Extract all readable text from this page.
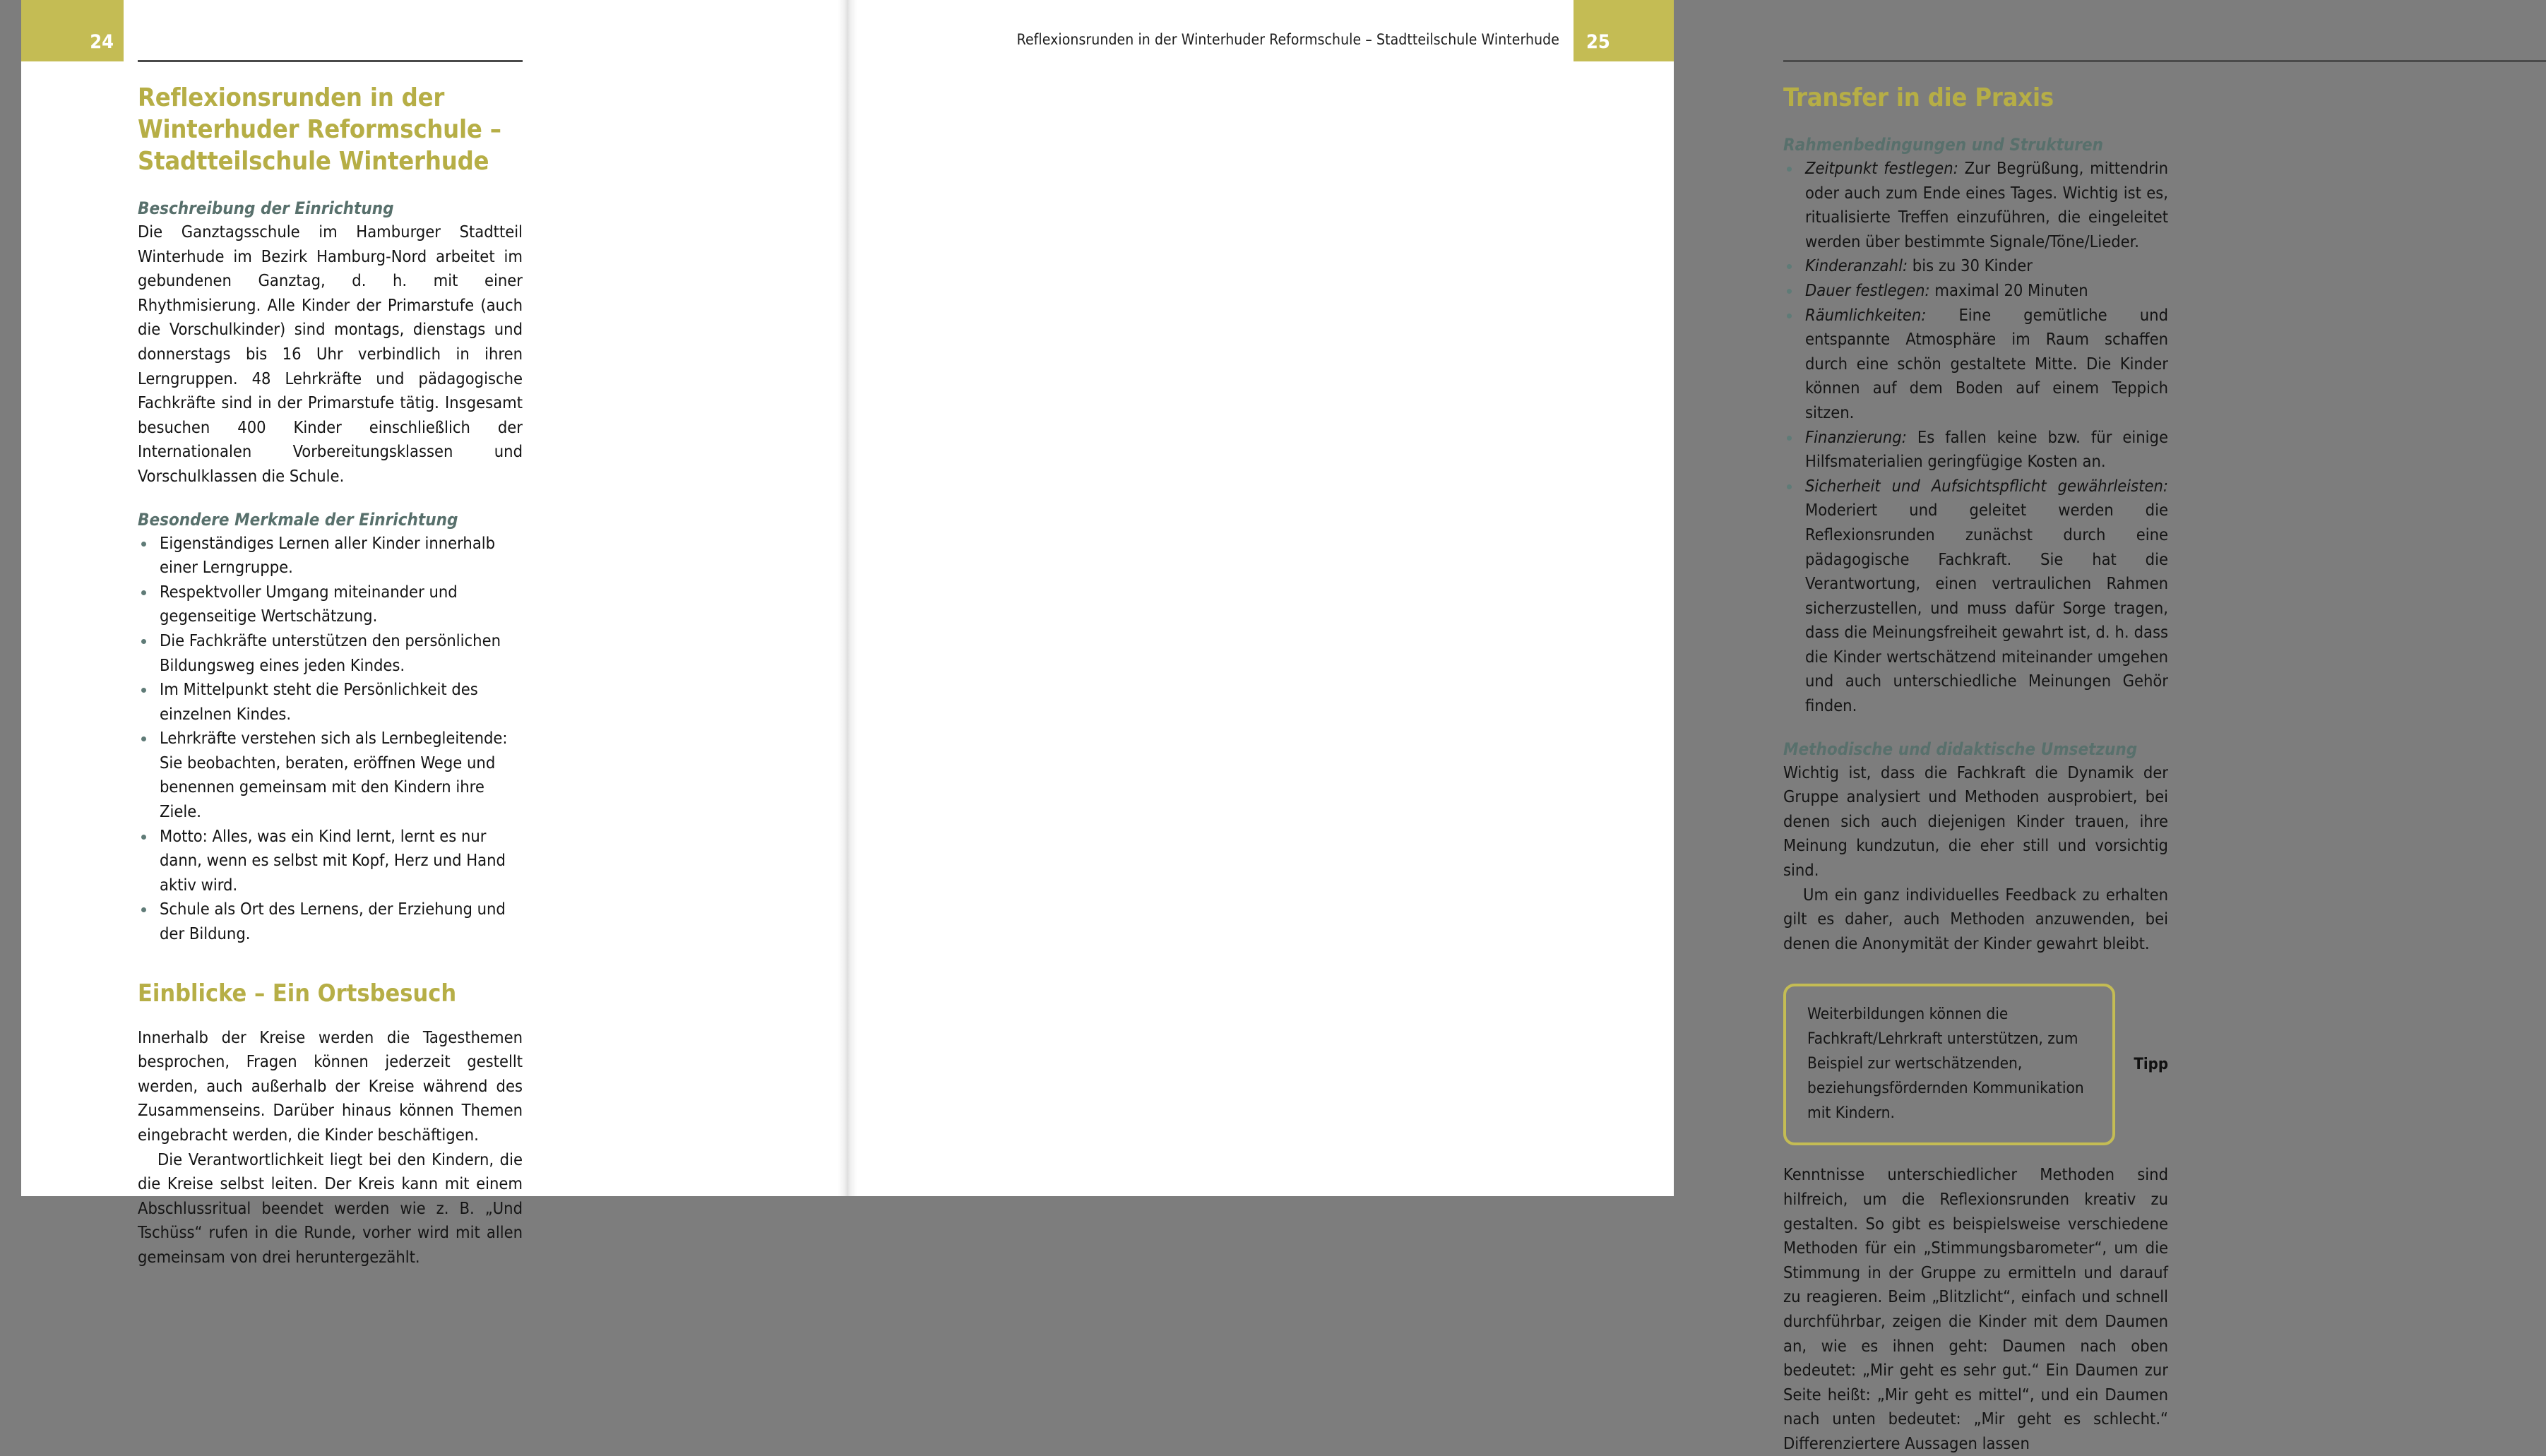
24
Reflexionsrunden in der Winterhuder Reformschule – Stadtteilschule Winterhude
Beschreibung der Einrichtung

Die Ganztagsschule im Hamburger Stadtteil Winterhude im Bezirk Hamburg-Nord arbeitet im gebundenen Ganztag, d. h. mit einer Rhythmisierung. Alle Kinder der Primarstufe (auch die Vorschulkinder) sind montags, dienstags und donnerstags bis 16 Uhr verbindlich in ihren Lerngruppen. 48 Lehrkräfte und pädagogische Fachkräfte sind in der Primarstufe tätig. Insgesamt besuchen 400 Kinder einschließlich der Internationalen Vorbereitungsklassen und Vorschulklassen die Schule.

Besondere Merkmale der Einrichtung
Eigenständiges Lernen aller Kinder innerhalb einer Lerngruppe.
Respektvoller Umgang miteinander und gegenseitige Wertschätzung.
Die Fachkräfte unterstützen den persönlichen Bildungsweg eines jeden Kindes.
Im Mittelpunkt steht die Persönlichkeit des einzelnen Kindes.
Lehrkräfte verstehen sich als Lernbegleitende: Sie beobachten, beraten, eröffnen Wege und benennen gemeinsam mit den Kindern ihre Ziele.
Motto: Alles, was ein Kind lernt, lernt es nur dann, wenn es selbst mit Kopf, Herz und Hand aktiv wird.
Schule als Ort des Lernens, der Erziehung und der Bildung.
Einblicke – Ein Ortsbesuch

Innerhalb der Kreise werden die Tagesthemen besprochen, Fragen können jederzeit gestellt werden, auch außerhalb der Kreise während des Zusammenseins. Darüber hinaus können Themen eingebracht werden, die Kinder beschäftigen.

Die Verantwortlichkeit liegt bei den Kindern, die die Kreise selbst leiten. Der Kreis kann mit einem Abschlussritual beendet werden wie z. B. „Und Tschüss“ rufen in die Runde, vorher wird mit allen gemeinsam von drei heruntergezählt.

25
Reflexionsrunden in der Winterhuder Reformschule – Stadtteilschule Winterhude
Transfer in die Praxis
Rahmenbedingungen und Strukturen
Zeitpunkt festlegen: Zur Begrüßung, mittendrin oder auch zum Ende eines Tages. Wichtig ist es, ritualisierte Treffen einzuführen, die eingeleitet werden über bestimmte Signale/Töne/Lieder.
Kinderanzahl: bis zu 30 Kinder
Dauer festlegen: maximal 20 Minuten
Räumlichkeiten: Eine gemütliche und entspannte Atmosphäre im Raum schaffen durch eine schön gestaltete Mitte. Die Kinder können auf dem Boden auf einem Teppich sitzen.
Finanzierung: Es fallen keine bzw. für einige Hilfsmaterialien geringfügige Kosten an.
Sicherheit und Aufsichtspflicht gewährleisten: Moderiert und geleitet werden die Reflexionsrunden zunächst durch eine pädagogische Fachkraft. Sie hat die Verantwortung, einen vertraulichen Rahmen sicherzustellen, und muss dafür Sorge tragen, dass die Meinungsfreiheit gewahrt ist, d. h. dass die Kinder wertschätzend miteinander umgehen und auch unterschiedliche Meinungen Gehör finden.
Methodische und didaktische Umsetzung

Wichtig ist, dass die Fachkraft die Dynamik der Gruppe analysiert und Methoden ausprobiert, bei denen sich auch diejenigen Kinder trauen, ihre Meinung kundzutun, die eher still und vorsichtig sind.

Um ein ganz individuelles Feedback zu erhalten gilt es daher, auch Methoden anzuwenden, bei denen die Anonymität der Kinder gewahrt bleibt.

Weiterbildungen können die Fachkraft/Lehrkraft unterstützen, zum Beispiel zur wertschätzenden, beziehungsfördernden Kommunikation mit Kindern.
Tipp

Kenntnisse unterschiedlicher Methoden sind hilfreich, um die Reflexionsrunden kreativ zu gestalten. So gibt es beispielsweise verschiedene Methoden für ein „Stimmungsbarometer“, um die Stimmung in der Gruppe zu ermitteln und darauf zu reagieren. Beim „Blitzlicht“, einfach und schnell durchführbar, zeigen die Kinder mit dem Daumen an, wie es ihnen geht: Daumen nach oben bedeutet: „Mir geht es sehr gut.“ Ein Daumen zur Seite heißt: „Mir geht es mittel“, und ein Daumen nach unten bedeutet: „Mir geht es schlecht.“ Differenziertere Aussagen lassen
